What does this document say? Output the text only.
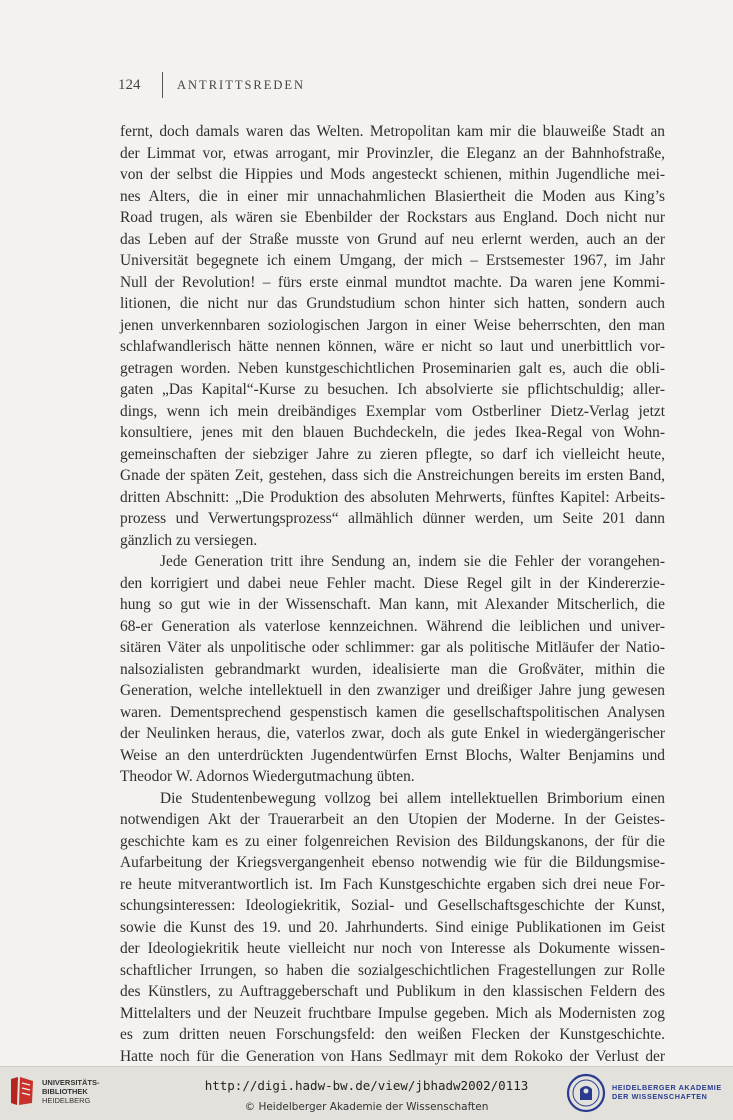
124	ANTRITTSREDEN
fernt, doch damals waren das Welten. Metropolitan kam mir die blauweiße Stadt an
der Limmat vor, etwas arrogant, mir Provinzler, die Eleganz an der Bahnhofstraße,
von der selbst die Hippies und Mods angesteckt schienen, mithin Jugendliche mei-
nes Alters, die in einer mir unnachahmlichen Blasiertheit die Moden aus King’s
Road trugen, als wären sie Ebenbilder der Rockstars aus England. Doch nicht nur
das Leben auf der Straße musste von Grund auf neu erlernt werden, auch an der
Universität begegnete ich einem Umgang, der mich – Erstsemester 1967, im Jahr
Null der Revolution! – fürs erste einmal mundtot machte. Da waren jene Kommi-
litionen, die nicht nur das Grundstudium schon hinter sich hatten, sondern auch
jenen unverkennbaren soziologischen Jargon in einer Weise beherrschten, den man
schlafwandlerisch hätte nennen können, wäre er nicht so laut und unerbittlich vor-
getragen worden. Neben kunstgeschichtlichen Proseminarien galt es, auch die obli-
gaten „Das Kapital“-Kurse zu besuchen. Ich absolvierte sie pflichtschuldig; aller-
dings, wenn ich mein dreibändiges Exemplar vom Ostberliner Dietz-Verlag jetzt
konsultiere, jenes mit den blauen Buchdeckeln, die jedes Ikea-Regal von Wohn-
gemeinschaften der siebziger Jahre zu zieren pflegte, so darf ich vielleicht heute,
Gnade der späten Zeit, gestehen, dass sich die Anstreichungen bereits im ersten Band,
dritten Abschnitt: „Die Produktion des absoluten Mehrwerts, fünftes Kapitel: Arbeits-
prozess und Verwertungsprozess“ allmählich dünner werden, um Seite 201 dann
gänzlich zu versiegen.
Jede Generation tritt ihre Sendung an, indem sie die Fehler der vorangehen-
den korrigiert und dabei neue Fehler macht. Diese Regel gilt in der Kindererzie-
hung so gut wie in der Wissenschaft. Man kann, mit Alexander Mitscherlich, die
68-er Generation als vaterlose kennzeichnen. Während die leiblichen und univer-
sitären Väter als unpolitische oder schlimmer: gar als politische Mitläufer der Natio-
nalsozialisten gebrandmarkt wurden, idealisierte man die Großväter, mithin die
Generation, welche intellektuell in den zwanziger und dreißiger Jahre jung gewesen
waren. Dementsprechend gespenstisch kamen die gesellschaftspolitischen Analysen
der Neulinken heraus, die, vaterlos zwar, doch als gute Enkel in wiedergängerischer
Weise an den unterdrückten Jugendentwürfen Ernst Blochs, Walter Benjamins und
Theodor W. Adornos Wiedergutmachung übten.
Die Studentenbewegung vollzog bei allem intellektuellen Brimborium einen
notwendigen Akt der Trauerarbeit an den Utopien der Moderne. In der Geistes-
geschichte kam es zu einer folgenreichen Revision des Bildungskanons, der für die
Aufarbeitung der Kriegsvergangenheit ebenso notwendig wie für die Bildungsmise-
re heute mitverantwortlich ist. Im Fach Kunstgeschichte ergaben sich drei neue For-
schungsinteressen: Ideologiekritik, Sozial- und Gesellschaftsgeschichte der Kunst,
sowie die Kunst des 19. und 20. Jahrhunderts. Sind einige Publikationen im Geist
der Ideologiekritik heute vielleicht nur noch von Interesse als Dokumente wissen-
schaftlicher Irrungen, so haben die sozialgeschichtlichen Fragestellungen zur Rolle
des Künstlers, zu Auftraggeberschaft und Publikum in den klassischen Feldern des
Mittelalters und der Neuzeit fruchtbare Impulse gegeben. Mich als Modernisten zog
es zum dritten neuen Forschungsfeld: den weißen Flecken der Kunstgeschichte.
Hatte noch für die Generation von Hans Sedlmayr mit dem Rokoko der Verlust der
UNIVERSITÄTS-
BIBLIOTHEK
HEIDELBERG
http://digi.hadw-bw.de/view/jbhadw2002/0113
© Heidelberger Akademie der Wissenschaften
HEIDELBERGER AKADEMIE
DER WISSENSCHAFTEN
